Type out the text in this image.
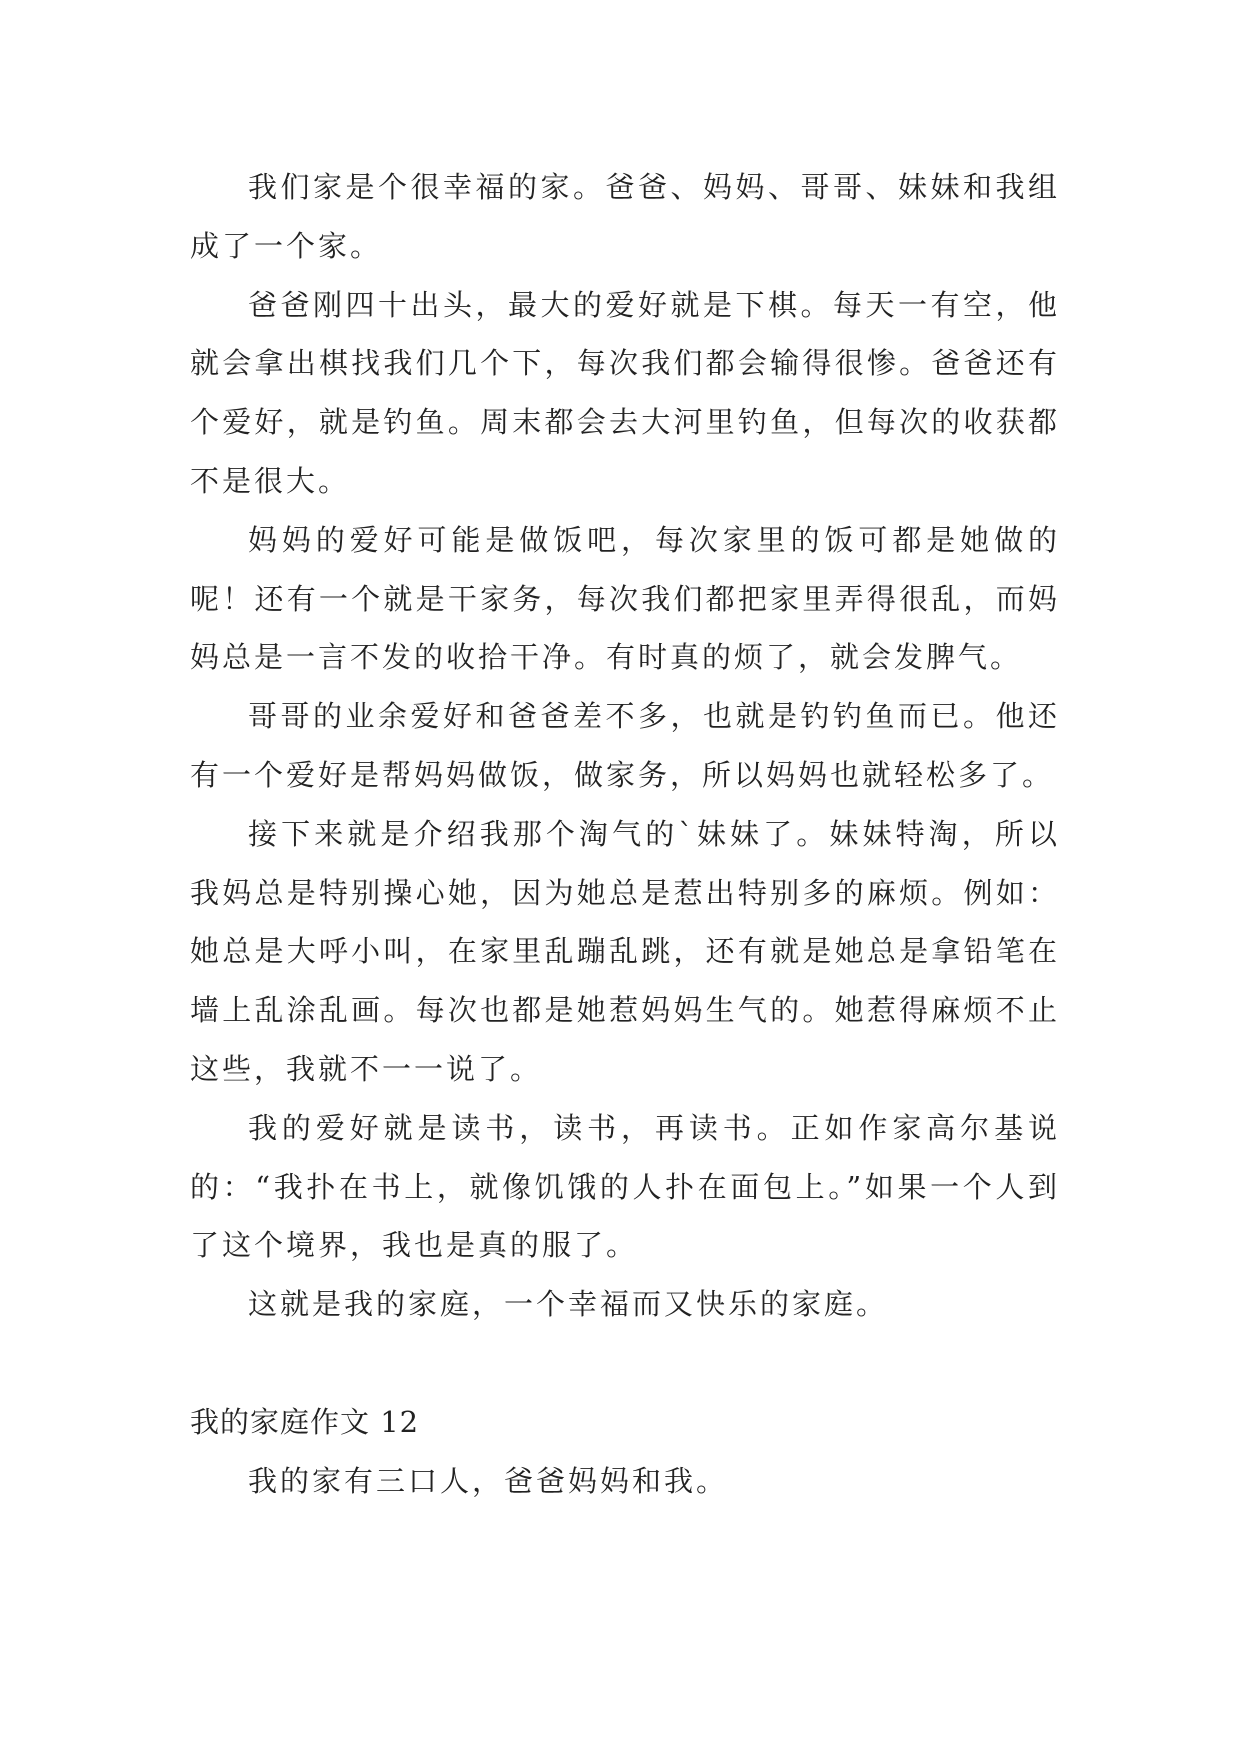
我们家是个很幸福的家。爸爸、妈妈、哥哥、妹妹和我组成了一个家。

爸爸刚四十出头，最大的爱好就是下棋。每天一有空，他就会拿出棋找我们几个下，每次我们都会输得很惨。爸爸还有个爱好，就是钓鱼。周末都会去大河里钓鱼，但每次的收获都不是很大。

妈妈的爱好可能是做饭吧，每次家里的饭可都是她做的呢！还有一个就是干家务，每次我们都把家里弄得很乱，而妈妈总是一言不发的收拾干净。有时真的烦了，就会发脾气。

哥哥的业余爱好和爸爸差不多，也就是钓钓鱼而已。他还有一个爱好是帮妈妈做饭，做家务，所以妈妈也就轻松多了。

接下来就是介绍我那个淘气的`妹妹了。妹妹特淘，所以我妈总是特别操心她，因为她总是惹出特别多的麻烦。例如：她总是大呼小叫，在家里乱蹦乱跳，还有就是她总是拿铅笔在墙上乱涂乱画。每次也都是她惹妈妈生气的。她惹得麻烦不止这些，我就不一一说了。

我的爱好就是读书，读书，再读书。正如作家高尔基说的：“我扑在书上，就像饥饿的人扑在面包上。”如果一个人到了这个境界，我也是真的服了。

这就是我的家庭，一个幸福而又快乐的家庭。

我的家庭作文 12

我的家有三口人，爸爸妈妈和我。
